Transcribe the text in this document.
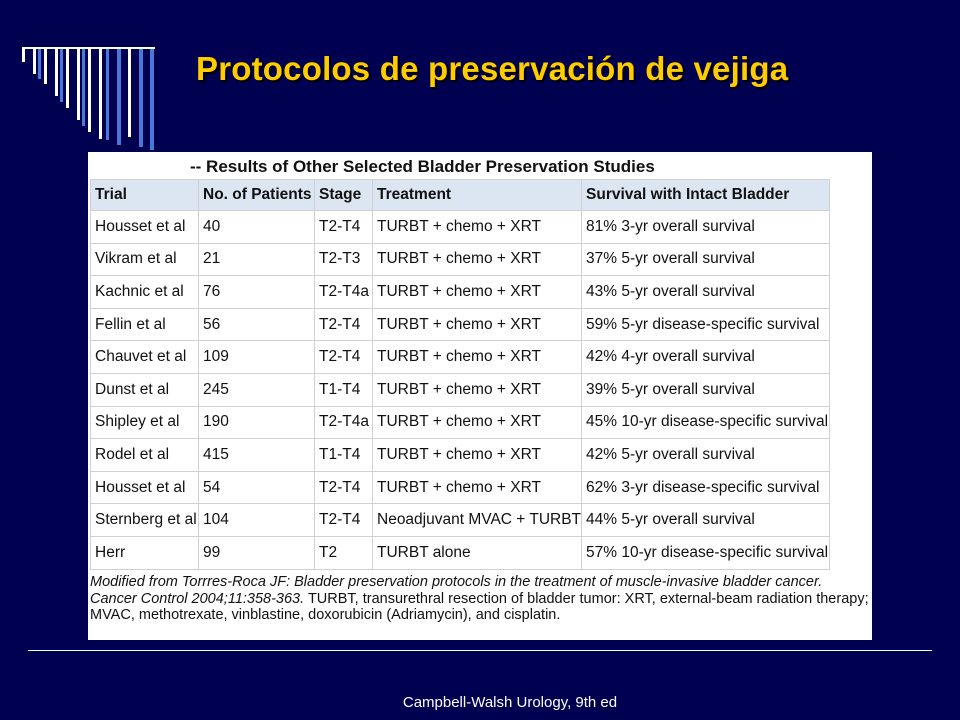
Protocolos de preservación de vejiga
-- Results of Other Selected Bladder Preservation Studies
Trial	No. of Patients	Stage	Treatment	Survival with Intact Bladder
Housset et al	40	T2-T4	TURBT + chemo + XRT	81% 3-yr overall survival
Vikram et al	21	T2-T3	TURBT + chemo + XRT	37% 5-yr overall survival
Kachnic et al	76	T2-T4a	TURBT + chemo + XRT	43% 5-yr overall survival
Fellin et al	56	T2-T4	TURBT + chemo + XRT	59% 5-yr disease-specific survival
Chauvet et al	109	T2-T4	TURBT + chemo + XRT	42% 4-yr overall survival
Dunst et al	245	T1-T4	TURBT + chemo + XRT	39% 5-yr overall survival
Shipley et al	190	T2-T4a	TURBT + chemo + XRT	45% 10-yr disease-specific survival
Rodel et al	415	T1-T4	TURBT + chemo + XRT	42% 5-yr overall survival
Housset et al	54	T2-T4	TURBT + chemo + XRT	62% 3-yr disease-specific survival
Sternberg et al	104	T2-T4	Neoadjuvant MVAC + TURBT	44% 5-yr overall survival
Herr	99	T2	TURBT alone	57% 10-yr disease-specific survival
Modified from Torrres-Roca JF: Bladder preservation protocols in the treatment of muscle-invasive bladder cancer. Cancer Control 2004;11:358-363. TURBT, transurethral resection of bladder tumor: XRT, external-beam radiation therapy; MVAC, methotrexate, vinblastine, doxorubicin (Adriamycin), and cisplatin.
Campbell-Walsh Urology, 9th ed
